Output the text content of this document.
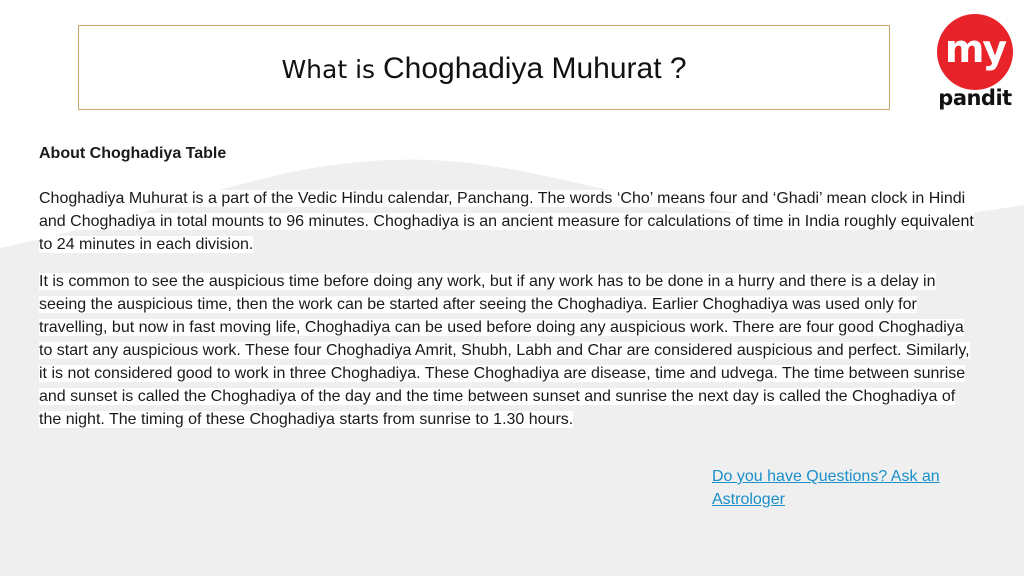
What is Choghadiya Muhurat ?	my
pandit

About Choghadiya Table

Choghadiya Muhurat is a part of the Vedic Hindu calendar, Panchang. The words ‘Cho’ means four and ‘Ghadi’ mean clock in Hindi and Choghadiya in total mounts to 96 minutes. Choghadiya is an ancient measure for calculations of time in India roughly equivalent to 24 minutes in each division.

It is common to see the auspicious time before doing any work, but if any work has to be done in a hurry and there is a delay in seeing the auspicious time, then the work can be started after seeing the Choghadiya. Earlier Choghadiya was used only for travelling, but now in fast moving life, Choghadiya can be used before doing any auspicious work. There are four good Choghadiya to start any auspicious work. These four Choghadiya Amrit, Shubh, Labh and Char are considered auspicious and perfect. Similarly, it is not considered good to work in three Choghadiya. These Choghadiya are disease, time and udvega. The time between sunrise and sunset is called the Choghadiya of the day and the time between sunset and sunrise the next day is called the Choghadiya of the night. The timing of these Choghadiya starts from sunrise to 1.30 hours.

Do you have Questions? Ask an Astrologer
